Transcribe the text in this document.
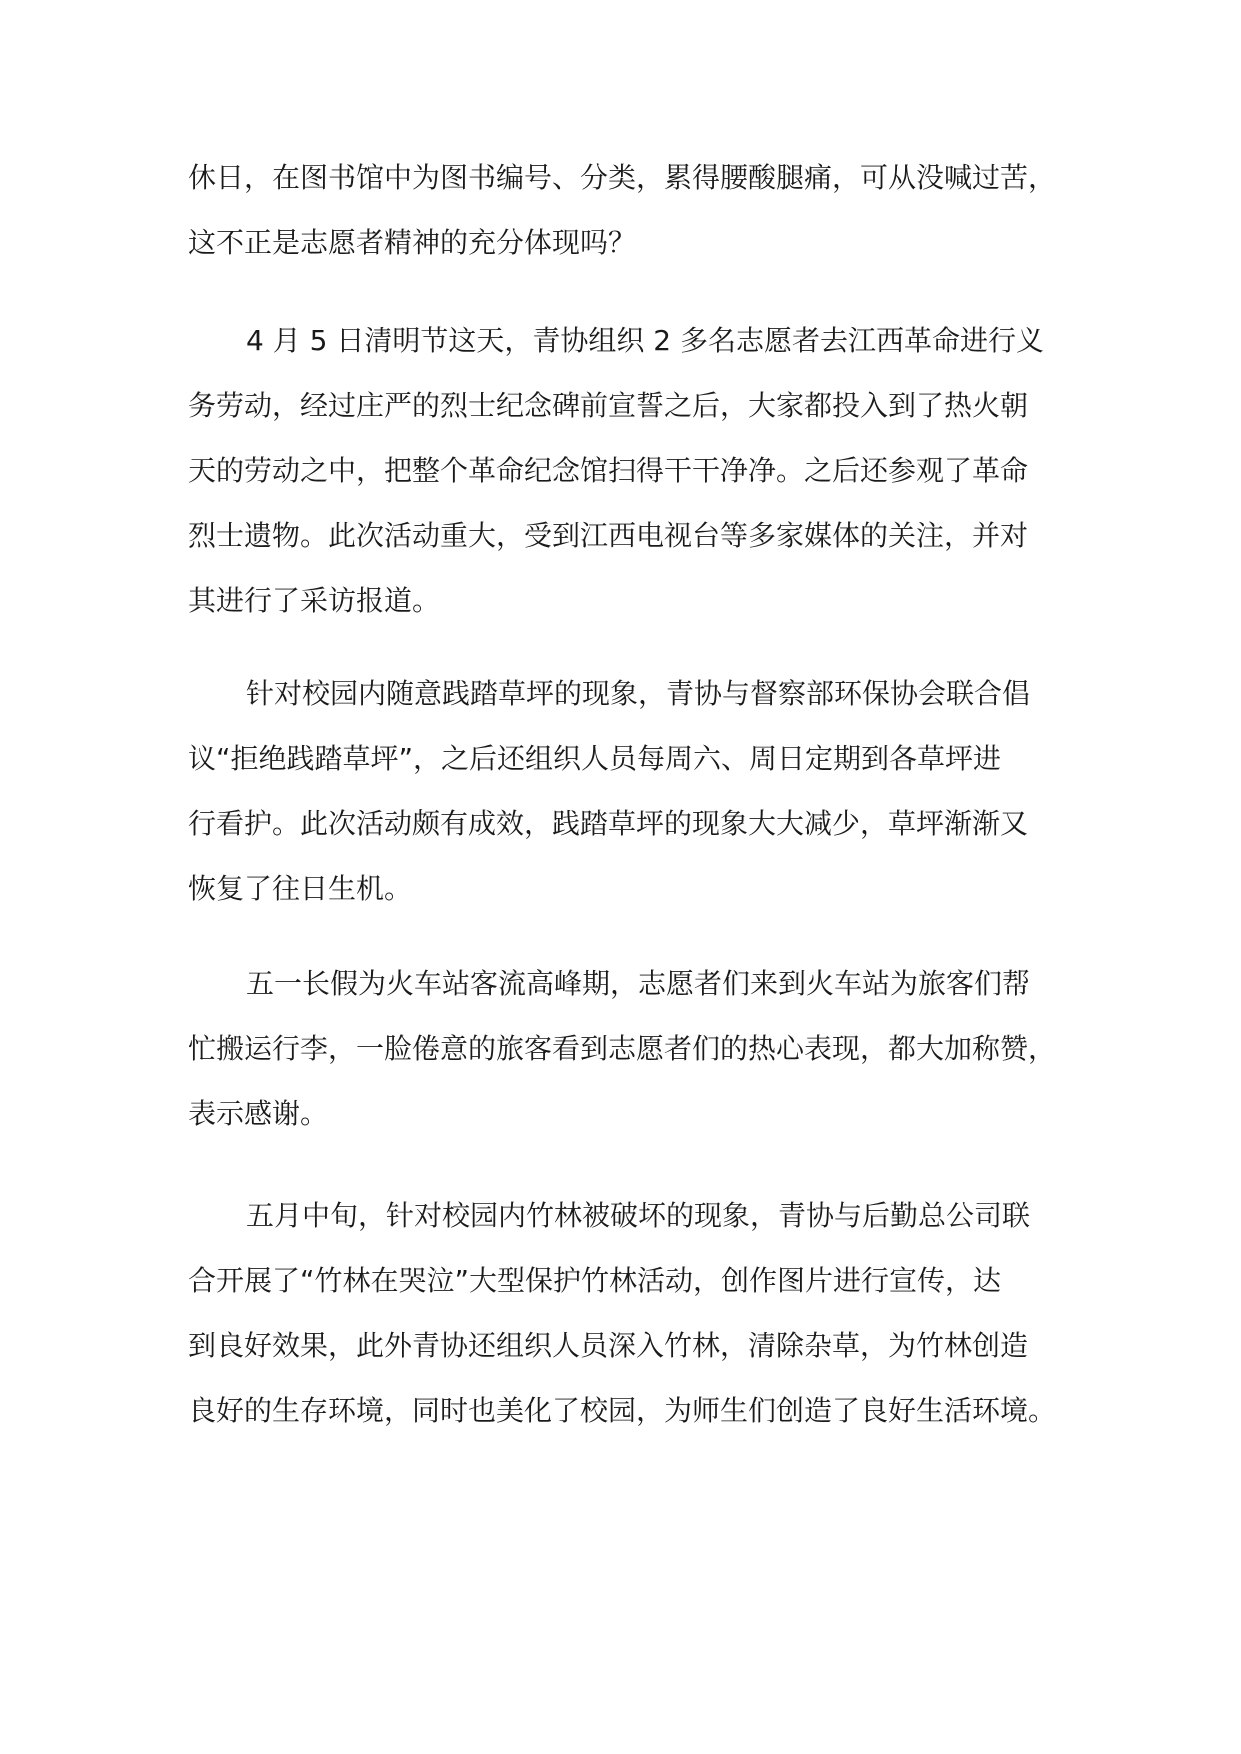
休日，在图书馆中为图书编号、分类，累得腰酸腿痛，可从没喊过苦，
这不正是志愿者精神的充分体现吗？

4 月 5 日清明节这天，青协组织 2 多名志愿者去江西革命进行义
务劳动，经过庄严的烈士纪念碑前宣誓之后，大家都投入到了热火朝
天的劳动之中，把整个革命纪念馆扫得干干净净。之后还参观了革命
烈士遗物。此次活动重大，受到江西电视台等多家媒体的关注，并对
其进行了采访报道。

针对校园内随意践踏草坪的现象，青协与督察部环保协会联合倡
议“拒绝践踏草坪”，之后还组织人员每周六、周日定期到各草坪进
行看护。此次活动颇有成效，践踏草坪的现象大大减少，草坪渐渐又
恢复了往日生机。

五一长假为火车站客流高峰期，志愿者们来到火车站为旅客们帮
忙搬运行李，一脸倦意的旅客看到志愿者们的热心表现，都大加称赞，
表示感谢。

五月中旬，针对校园内竹林被破坏的现象，青协与后勤总公司联
合开展了“竹林在哭泣”大型保护竹林活动，创作图片进行宣传，达
到良好效果，此外青协还组织人员深入竹林，清除杂草，为竹林创造
良好的生存环境，同时也美化了校园，为师生们创造了良好生活环境。
